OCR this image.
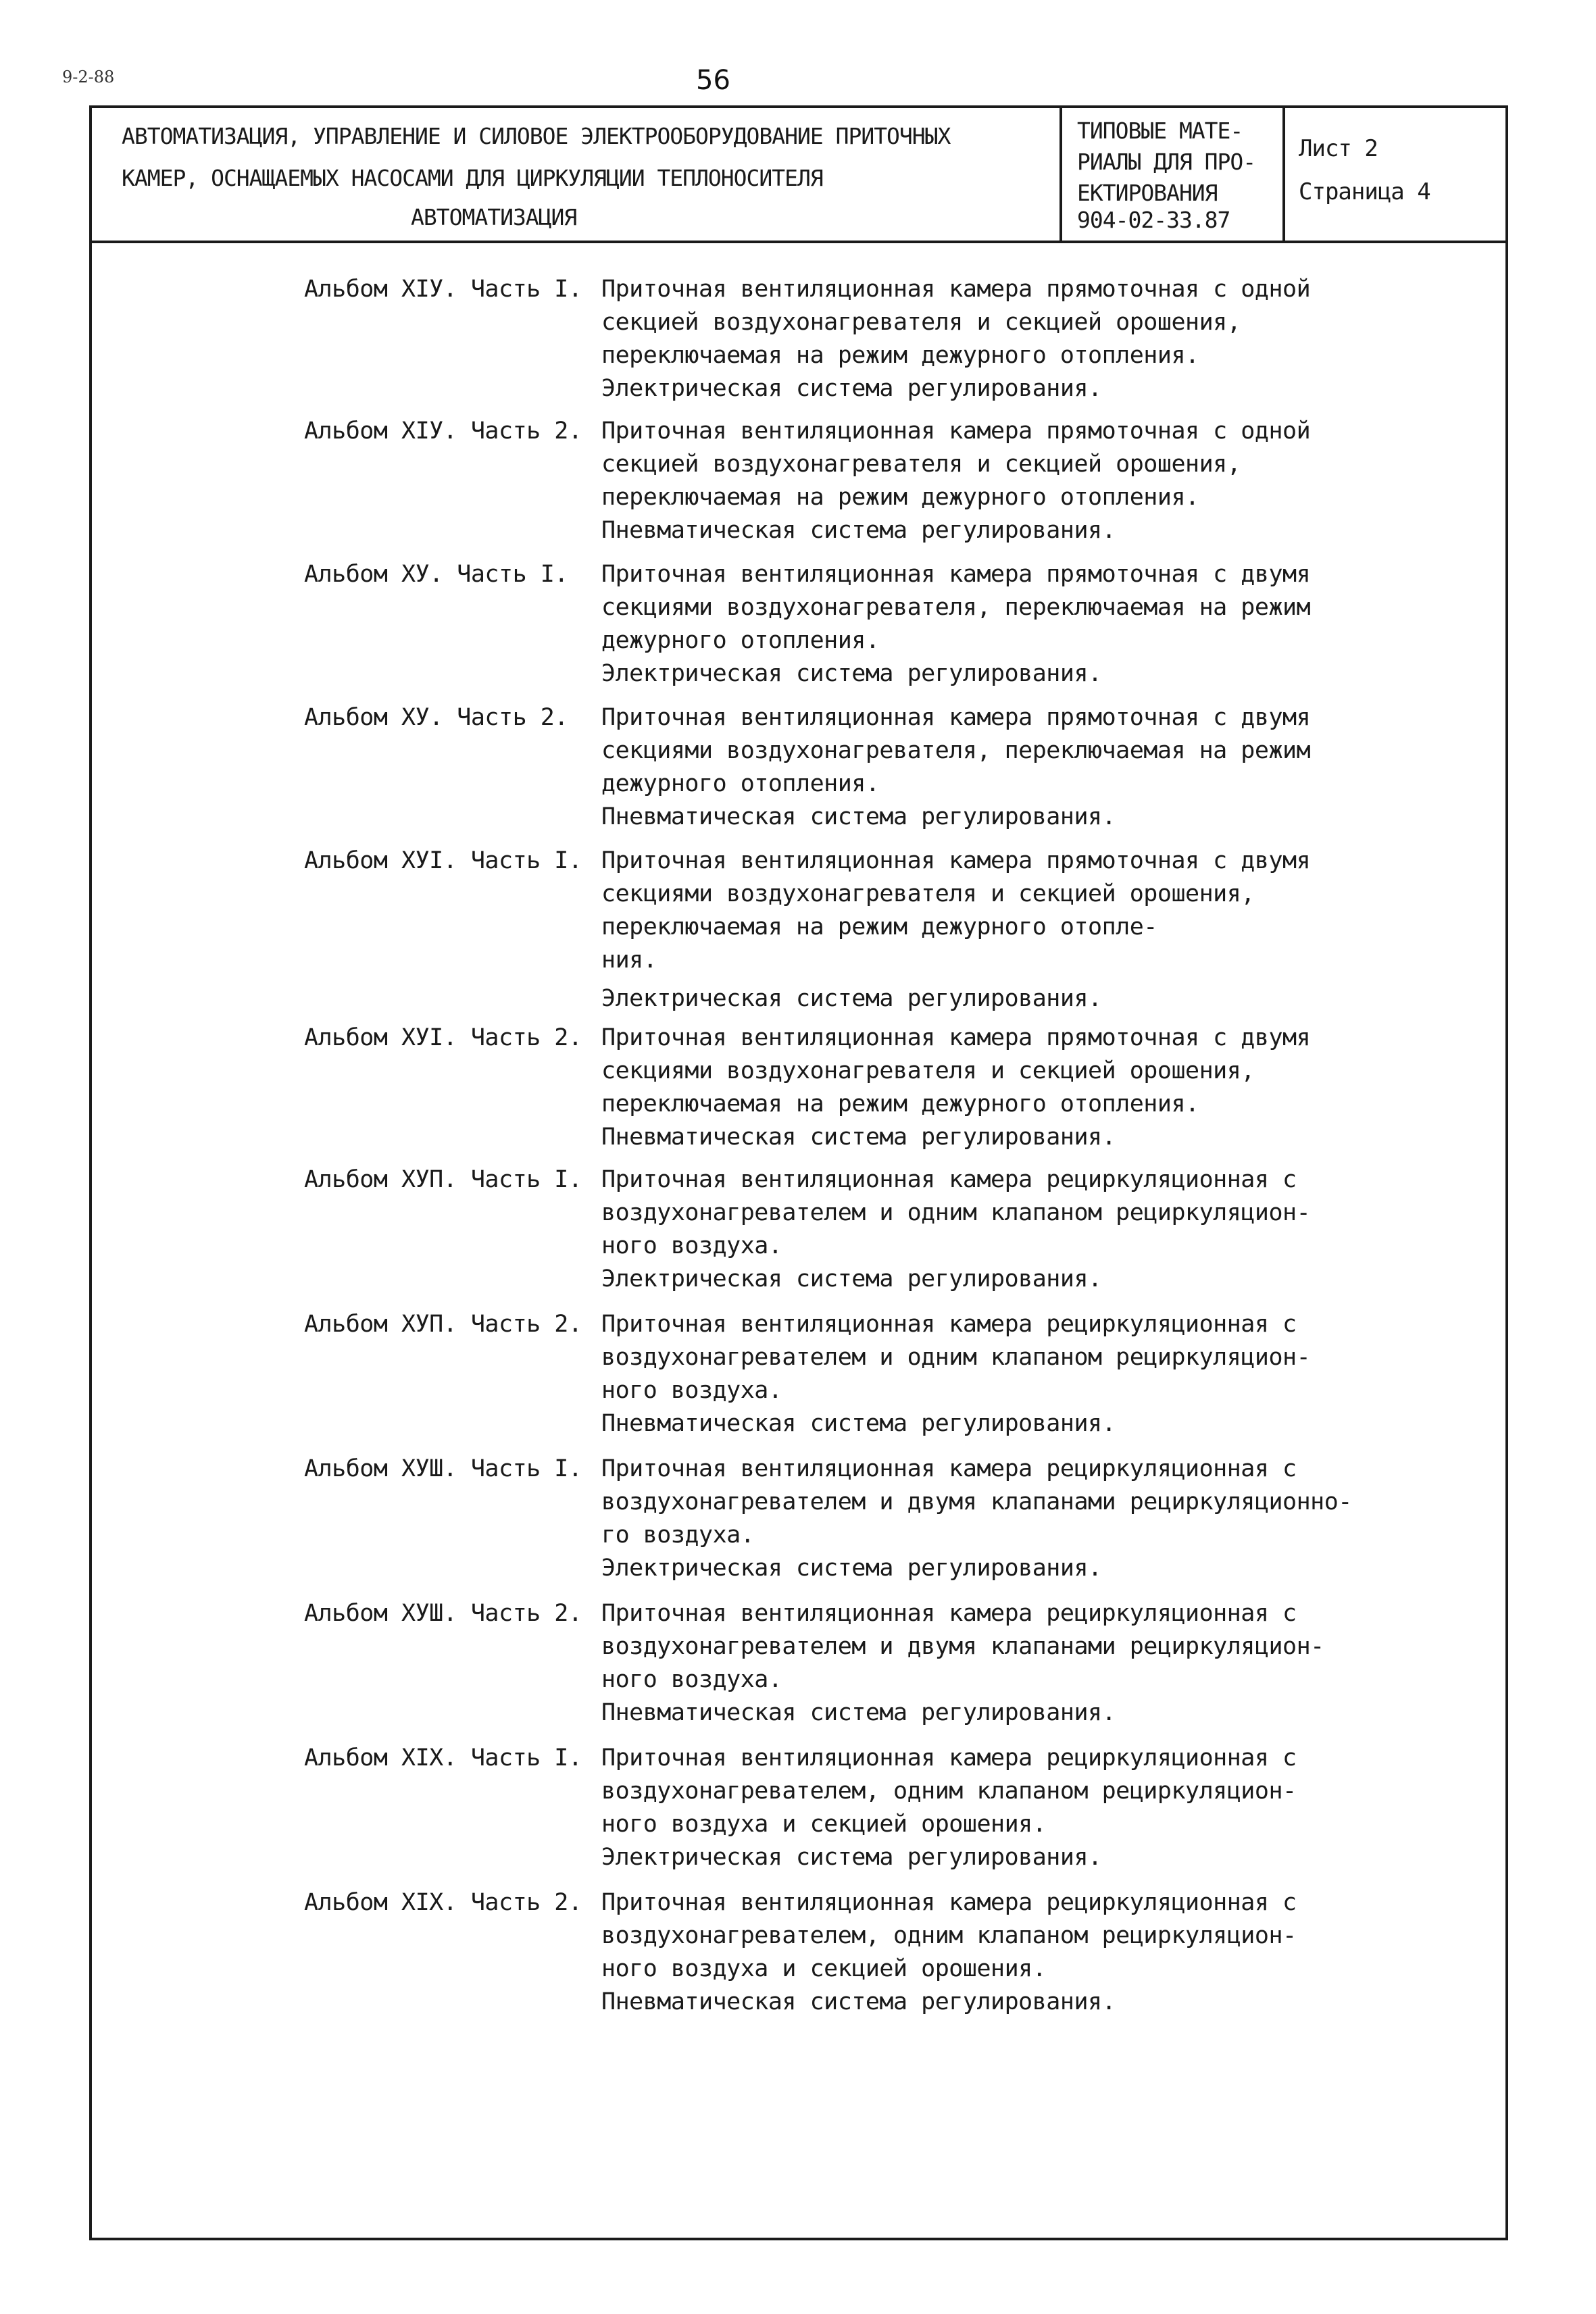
9-2-88	56
АВТОМАТИЗАЦИЯ, УПРАВЛЕНИЕ И СИЛОВОЕ ЭЛЕКТРООБОРУДОВАНИЕ ПРИТОЧНЫХ
КАМЕР, ОСНАЩАЕМЫХ НАСОСАМИ ДЛЯ ЦИРКУЛЯЦИИ ТЕПЛОНОСИТЕЛЯ
АВТОМАТИЗАЦИЯ
ТИПОВЫЕ МАТЕ-
РИАЛЫ ДЛЯ ПРО-
ЕКТИРОВАНИЯ
904-02-33.87
Лист 2
Страница 4
Альбом XIУ. Часть I. Приточная вентиляционная камера прямоточная с одной
секцией воздухонагревателя и секцией орошения,
переключаемая на режим дежурного отопления.
Электрическая система регулирования.
Альбом XIУ. Часть 2. Приточная вентиляционная камера прямоточная с одной
секцией воздухонагревателя и секцией орошения,
переключаемая на режим дежурного отопления.
Пневматическая система регулирования.
Альбом ХУ. Часть I.	Приточная вентиляционная камера прямоточная с двумя
секциями воздухонагревателя, переключаемая на режим
дежурного отопления.
Электрическая система регулирования.
Альбом ХУ. Часть 2.	Приточная вентиляционная камера прямоточная с двумя
секциями воздухонагревателя, переключаемая на режим
дежурного отопления.
Пневматическая система регулирования.
Альбом ХУI. Часть I. Приточная вентиляционная камера прямоточная с двумя
секциями воздухонагревателя и секцией орошения,
переключаемая на режим дежурного отопле-
ния.
Электрическая система регулирования.
Альбом ХУI. Часть 2. Приточная вентиляционная камера прямоточная с двумя
секциями воздухонагревателя и секцией орошения,
переключаемая на режим дежурного отопления.
Пневматическая система регулирования.
Альбом ХУП. Часть I. Приточная вентиляционная камера рециркуляционная с
воздухонагревателем и одним клапаном рециркуляцион-
ного воздуха.
Электрическая система регулирования.
Альбом ХУП. Часть 2. Приточная вентиляционная камера рециркуляционная с
воздухонагревателем и одним клапаном рециркуляцион-
ного воздуха.
Пневматическая система регулирования.
Альбом ХУШ. Часть I. Приточная вентиляционная камера рециркуляционная с
воздухонагревателем и двумя клапанами рециркуляционно-
го воздуха.
Электрическая система регулирования.
Альбом ХУШ. Часть 2. Приточная вентиляционная камера рециркуляционная с
воздухонагревателем и двумя клапанами рециркуляцион-
ного воздуха.
Пневматическая система регулирования.
Альбом XIX. Часть I. Приточная вентиляционная камера рециркуляционная с
воздухонагревателем, одним клапаном рециркуляцион-
ного воздуха и секцией орошения.
Электрическая система регулирования.
Альбом XIX. Часть 2. Приточная вентиляционная камера рециркуляционная с
воздухонагревателем, одним клапаном рециркуляцион-
ного воздуха и секцией орошения.
Пневматическая система регулирования.
